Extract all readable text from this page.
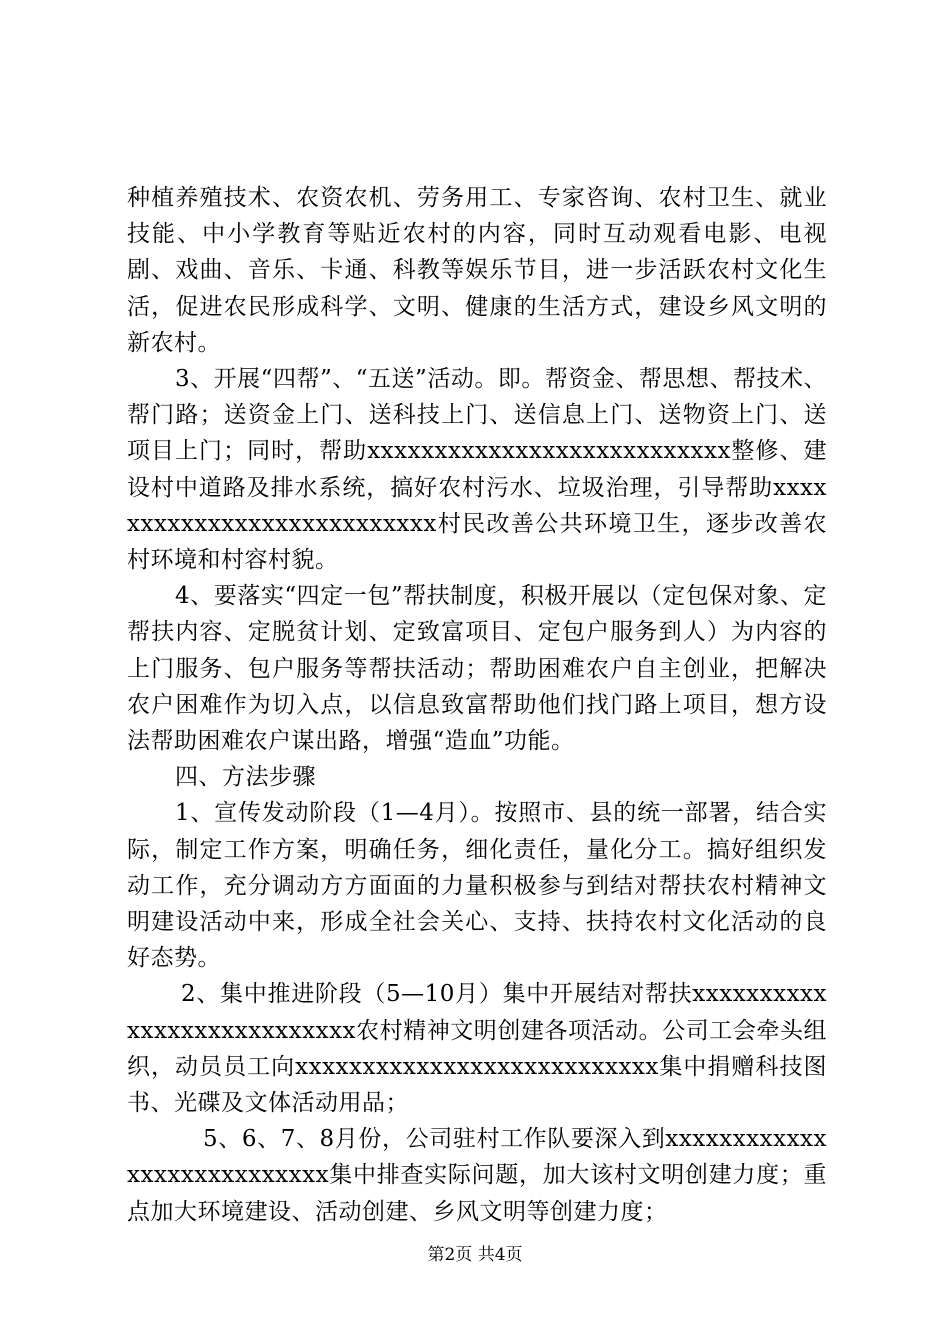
种植养殖技术、农资农机、劳务用工、专家咨询、农村卫生、就业技能、中小学教育等贴近农村的内容，同时互动观看电影、电视剧、戏曲、音乐、卡通、科教等娱乐节目，进一步活跃农村文化生活，促进农民形成科学、文明、健康的生活方式，建设乡风文明的新农村。

3、开展“四帮”、“五送”活动。即。帮资金、帮思想、帮技术、帮门路；送资金上门、送科技上门、送信息上门、送物资上门、送项目上门；同时，帮助xxxxxxxxxxxxxxxxxxxxxxxxxxx整修、建设村中道路及排水系统，搞好农村污水、垃圾治理，引导帮助xxxxxxxxxxxxxxxxxxxxxxxxxxx村民改善公共环境卫生，逐步改善农村环境和村容村貌。

4、要落实“四定一包”帮扶制度，积极开展以（定包保对象、定帮扶内容、定脱贫计划、定致富项目、定包户服务到人）为内容的上门服务、包户服务等帮扶活动；帮助困难农户自主创业，把解决农户困难作为切入点，以信息致富帮助他们找门路上项目，想方设法帮助困难农户谋出路，增强“造血”功能。

四、方法步骤

1、宣传发动阶段（1—4月）。按照市、县的统一部署，结合实际，制定工作方案，明确任务，细化责任，量化分工。搞好组织发动工作，充分调动方方面面的力量积极参与到结对帮扶农村精神文明建设活动中来，形成全社会关心、支持、扶持农村文化活动的良好态势。

2、集中推进阶段（5—10月）集中开展结对帮扶xxxxxxxxxxxxxxxxxxxxxxxxxxx农村精神文明创建各项活动。公司工会牵头组织，动员员工向xxxxxxxxxxxxxxxxxxxxxxxxxxx集中捐赠科技图书、光碟及文体活动用品；

5、6、7、8月份，公司驻村工作队要深入到xxxxxxxxxxxxxxxxxxxxxxxxxxx集中排查实际问题，加大该村文明创建力度；重点加大环境建设、活动创建、乡风文明等创建力度；

第2页 共4页
